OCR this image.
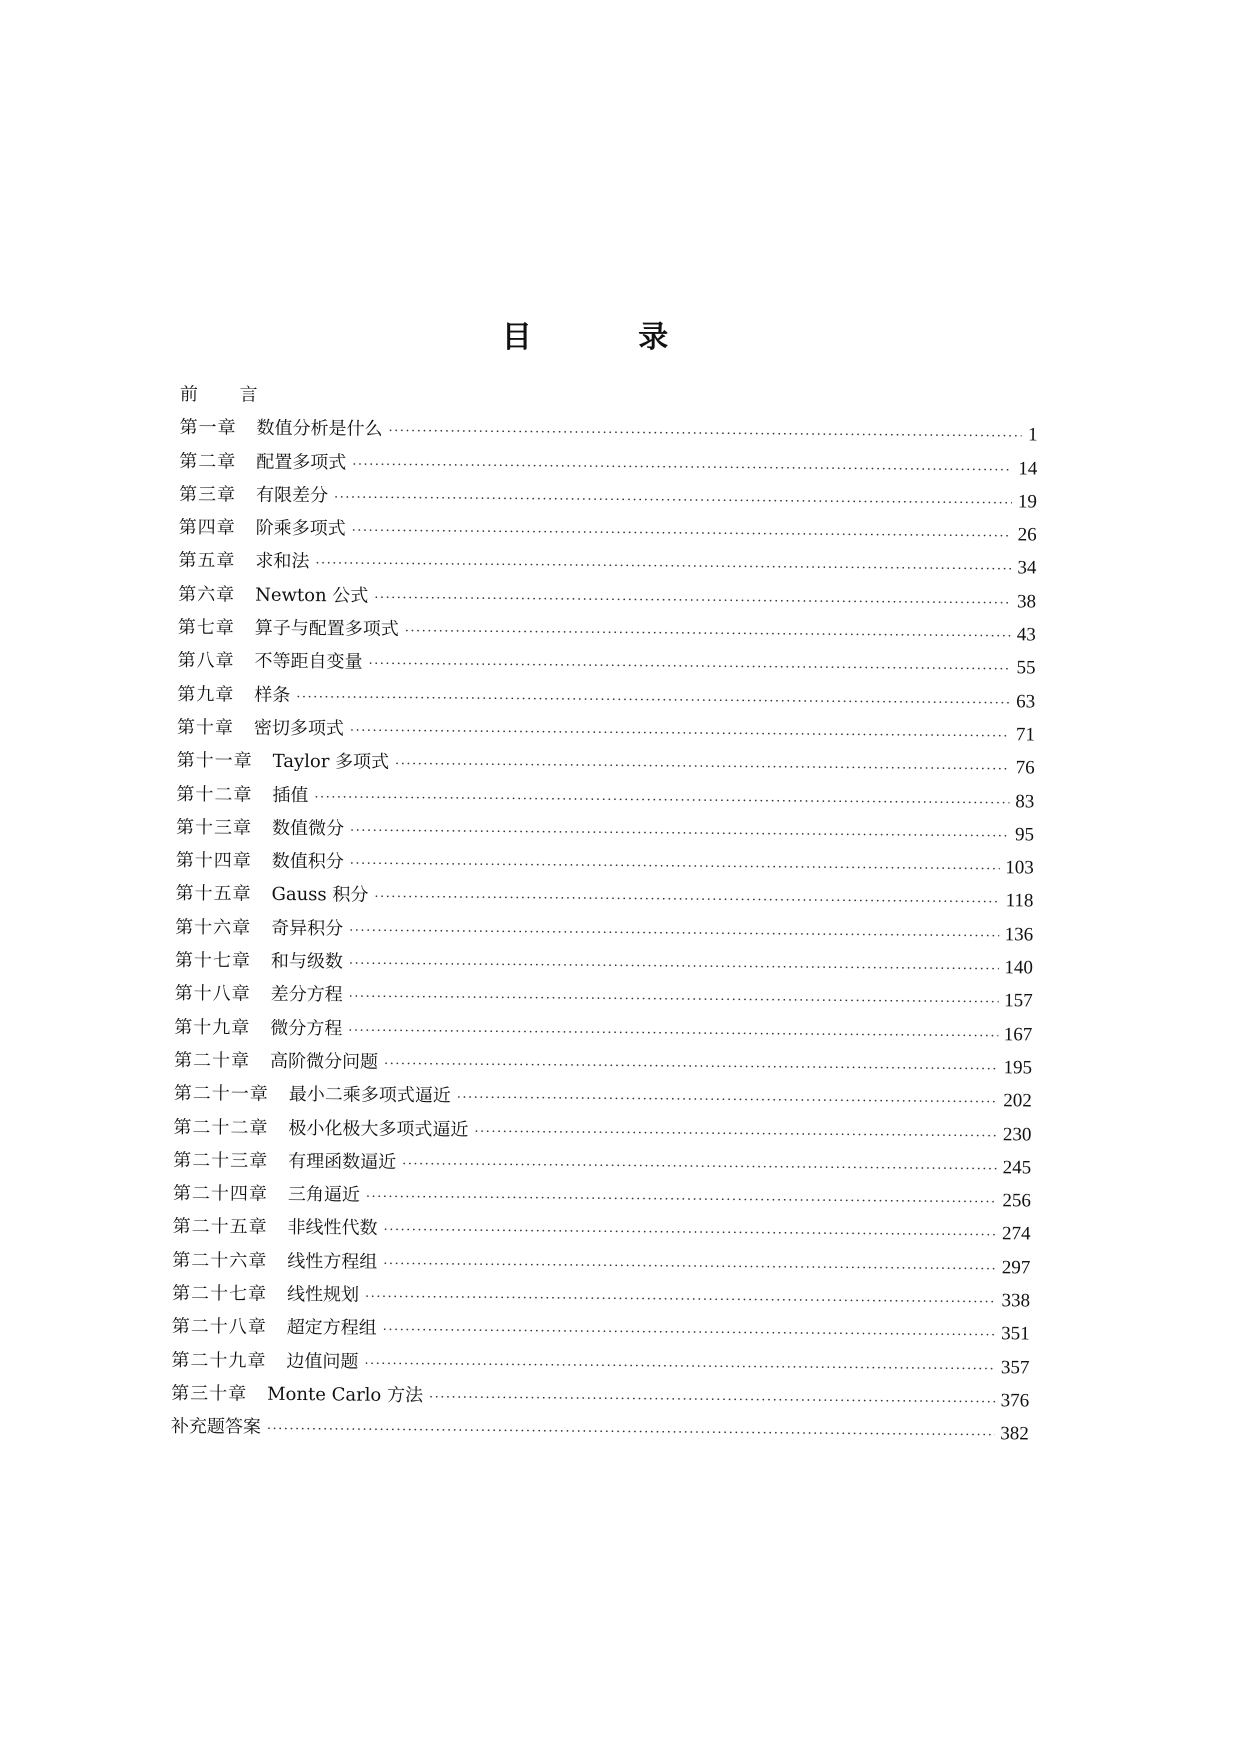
目 录
前 言
第一章 数值分析是什么 ·····	1
第二章 配置多项式 ·····	14
第三章 有限差分 ·····	19
第四章 阶乘多项式 ·····	26
第五章 求和法 ·····	34
第六章 Newton 公式 ·····	38
第七章 算子与配置多项式 ·····	43
第八章 不等距自变量 ·····	55
第九章 样条 ·····	63
第十章 密切多项式 ·····	71
第十一章 Taylor 多项式 ·····	76
第十二章 插值 ·····	83
第十三章 数值微分 ·····	95
第十四章 数值积分 ·····	103
第十五章 Gauss 积分 ·····	118
第十六章 奇异积分 ·····	136
第十七章 和与级数 ·····	140
第十八章 差分方程 ·····	157
第十九章 微分方程 ·····	167
第二十章 高阶微分问题 ·····	195
第二十一章 最小二乘多项式逼近 ·····	202
第二十二章 极小化极大多项式逼近 ·····	230
第二十三章 有理函数逼近 ·····	245
第二十四章 三角逼近 ·····	256
第二十五章 非线性代数 ·····	274
第二十六章 线性方程组 ·····	297
第二十七章 线性规划 ·····	338
第二十八章 超定方程组 ·····	351
第二十九章 边值问题 ·····	357
第三十章 Monte Carlo 方法 ·····	376
补充题答案 ·····	382
